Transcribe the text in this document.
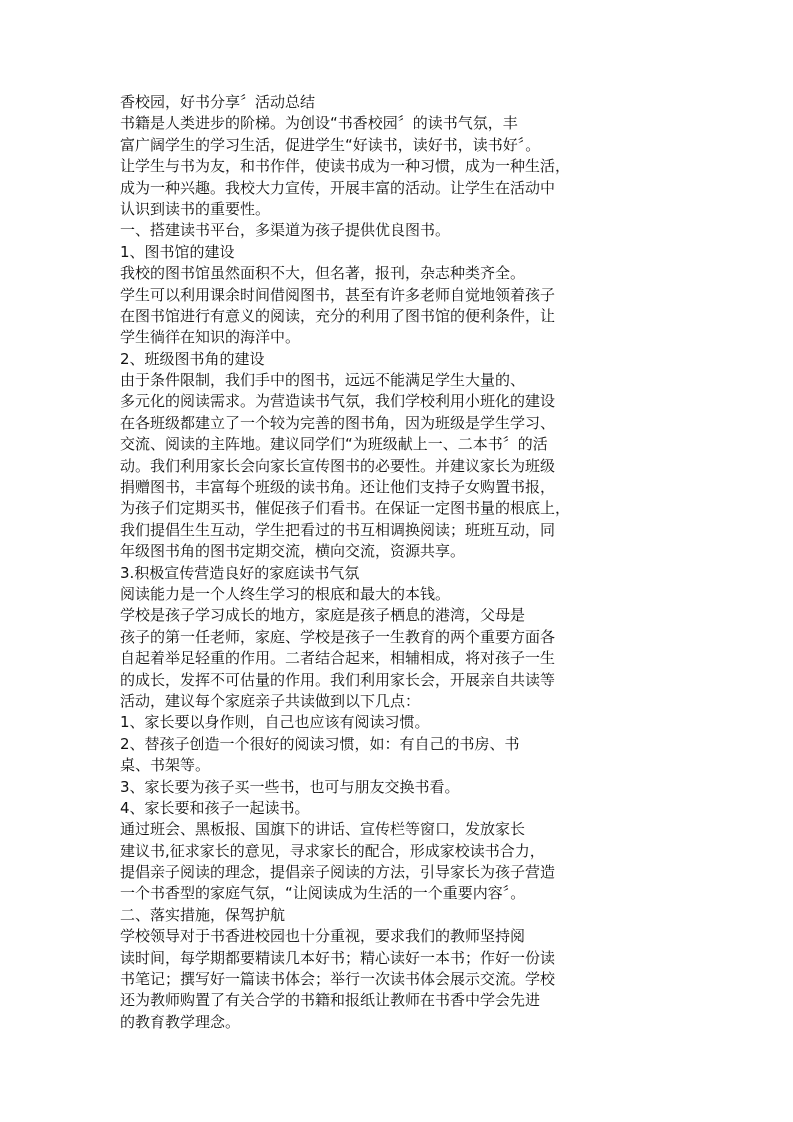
香校园，好书分享〞活动总结

书籍是人类进步的阶梯。为创设“书香校园〞的读书气氛，丰

富广阔学生的学习生活，促进学生“好读书，读好书，读书好〞。

让学生与书为友，和书作伴，使读书成为一种习惯，成为一种生活，

成为一种兴趣。我校大力宣传，开展丰富的活动。让学生在活动中

认识到读书的重要性。

一、搭建读书平台，多渠道为孩子提供优良图书。

1、图书馆的建设

我校的图书馆虽然面积不大，但名著，报刊，杂志种类齐全。

学生可以利用课余时间借阅图书，甚至有许多老师自觉地领着孩子

在图书馆进行有意义的阅读，充分的利用了图书馆的便利条件，让

学生徜徉在知识的海洋中。

2、班级图书角的建设

由于条件限制，我们手中的图书，远远不能满足学生大量的、

多元化的阅读需求。为营造读书气氛，我们学校利用小班化的建设

在各班级都建立了一个较为完善的图书角，因为班级是学生学习、

交流、阅读的主阵地。建议同学们“为班级献上一、二本书〞的活

动。我们利用家长会向家长宣传图书的必要性。并建议家长为班级

捐赠图书，丰富每个班级的读书角。还让他们支持子女购置书报，

为孩子们定期买书，催促孩子们看书。在保证一定图书量的根底上，

我们提倡生生互动，学生把看过的书互相调换阅读；班班互动，同

年级图书角的图书定期交流，横向交流，资源共享。

3.积极宣传营造良好的家庭读书气氛

阅读能力是一个人终生学习的根底和最大的本钱。

学校是孩子学习成长的地方，家庭是孩子栖息的港湾，父母是

孩子的第一任老师，家庭、学校是孩子一生教育的两个重要方面各

自起着举足轻重的作用。二者结合起来，相辅相成，将对孩子一生

的成长，发挥不可估量的作用。我们利用家长会，开展亲自共读等

活动，建议每个家庭亲子共读做到以下几点：

1、家长要以身作则，自己也应该有阅读习惯。

2、替孩子创造一个很好的阅读习惯，如：有自己的书房、书

桌、书架等。

3、家长要为孩子买一些书，也可与朋友交换书看。

4、家长要和孩子一起读书。

通过班会、黑板报、国旗下的讲话、宣传栏等窗口，发放家长

建议书,征求家长的意见，寻求家长的配合，形成家校读书合力，

提倡亲子阅读的理念，提倡亲子阅读的方法，引导家长为孩子营造

一个书香型的家庭气氛，“让阅读成为生活的一个重要内容〞。

二、落实措施，保驾护航

学校领导对于书香进校园也十分重视，要求我们的教师坚持阅

读时间，每学期都要精读几本好书；精心读好一本书；作好一份读

书笔记；撰写好一篇读书体会；举行一次读书体会展示交流。学校

还为教师购置了有关合学的书籍和报纸让教师在书香中学会先进

的教育教学理念。
